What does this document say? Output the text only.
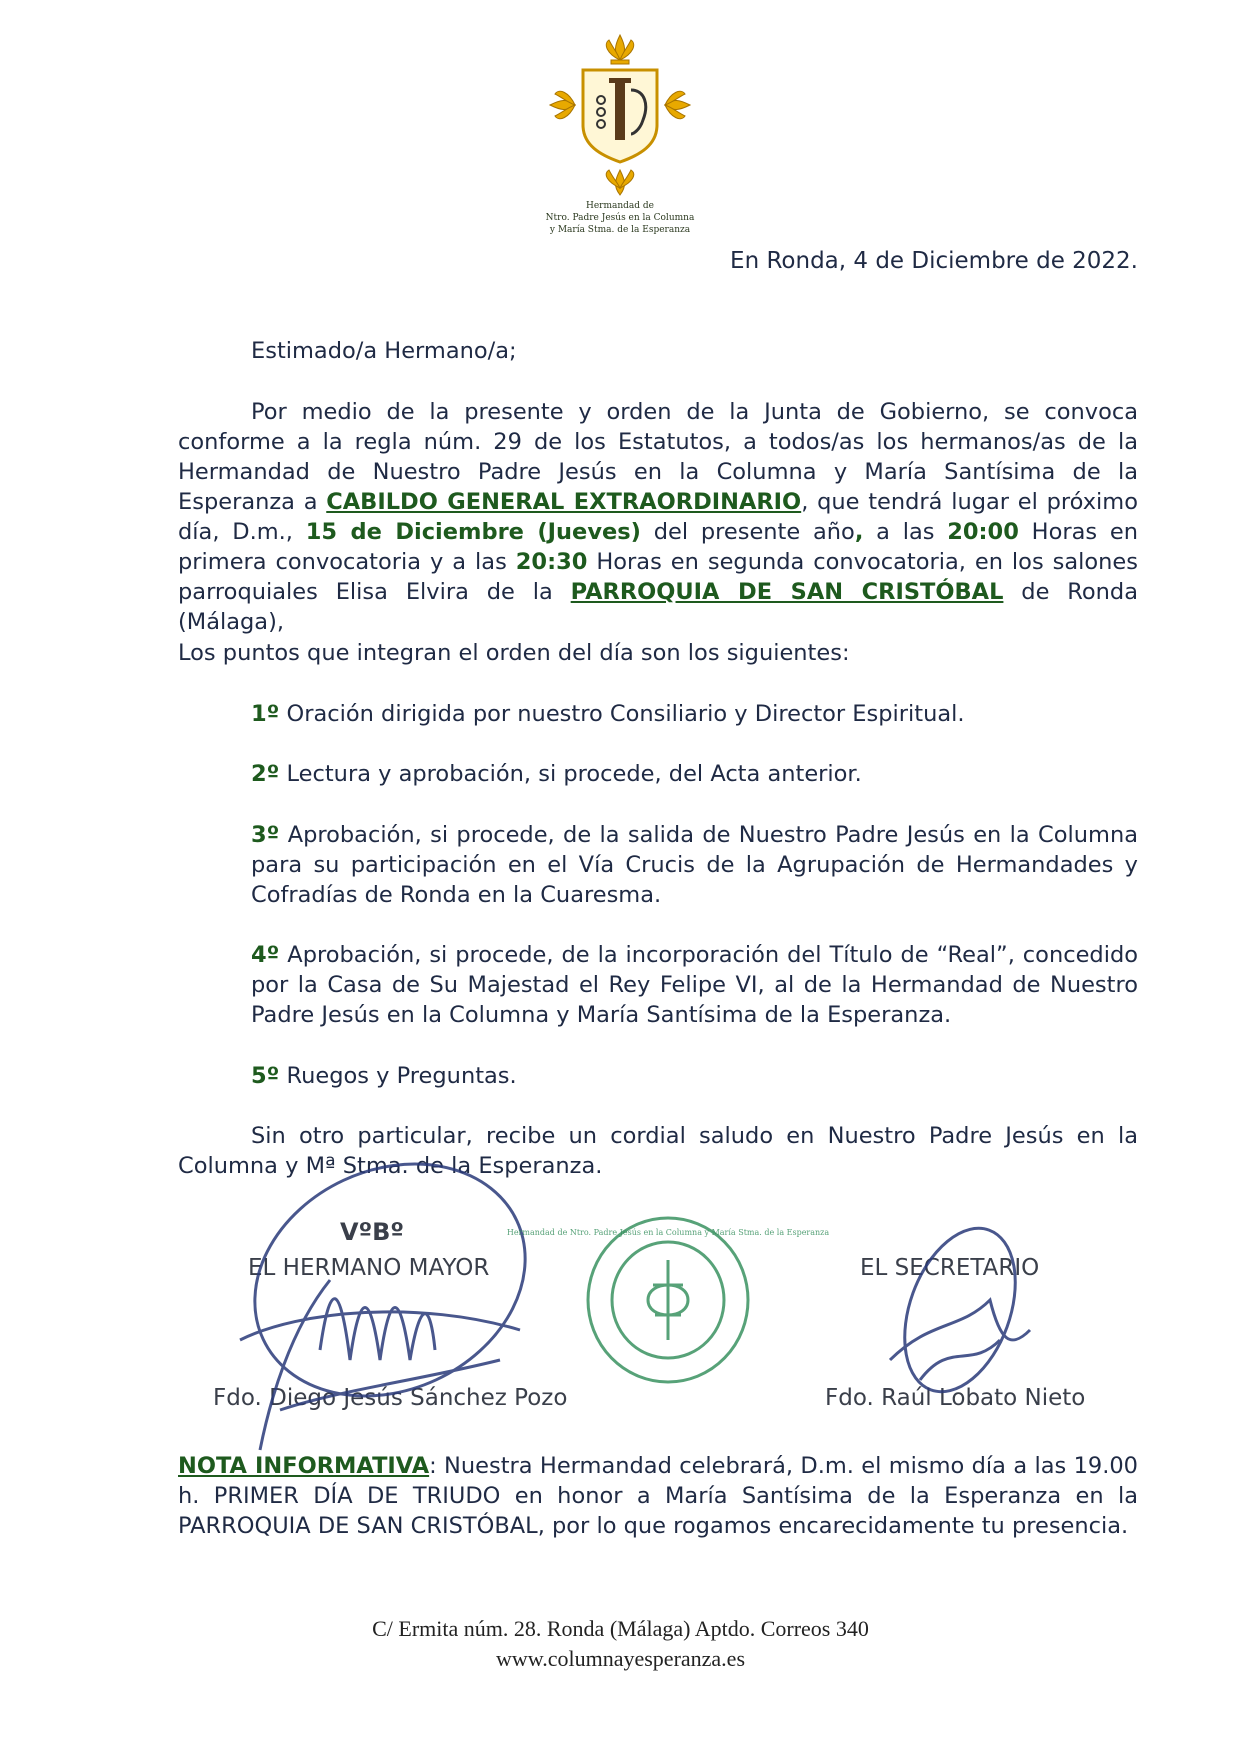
Hermandad de
Ntro. Padre Jesús en la Columna
y María Stma. de la Esperanza
En Ronda, 4 de Diciembre de 2022.
Estimado/a Hermano/a;
Por medio de la presente y orden de la Junta de Gobierno, se convoca conforme a la regla núm. 29 de los Estatutos, a todos/as los hermanos/as de la Hermandad de Nuestro Padre Jesús en la Columna y María Santísima de la Esperanza a CABILDO GENERAL EXTRAORDINARIO, que tendrá lugar el próximo día, D.m., 15 de Diciembre (Jueves) del presente año, a las 20:00 Horas en primera convocatoria y a las 20:30 Horas en segunda convocatoria, en los salones parroquiales Elisa Elvira de la PARROQUIA DE SAN CRISTÓBAL de Ronda (Málaga),
Los puntos que integran el orden del día son los siguientes:
1º Oración dirigida por nuestro Consiliario y Director Espiritual.
2º Lectura y aprobación, si procede, del Acta anterior.
3º Aprobación, si procede, de la salida de Nuestro Padre Jesús en la Columna para su participación en el Vía Crucis de la Agrupación de Hermandades y Cofradías de Ronda en la Cuaresma.
4º Aprobación, si procede, de la incorporación del Título de “Real”, concedido por la Casa de Su Majestad el Rey Felipe VI, al de la Hermandad de Nuestro Padre Jesús en la Columna y María Santísima de la Esperanza.
5º Ruegos y Preguntas.
Sin otro particular, recibe un cordial saludo en Nuestro Padre Jesús en la Columna y Mª Stma. de la Esperanza.
VºBº
EL HERMANO MAYOR
Fdo. Diego Jesús Sánchez Pozo
EL SECRETARIO
Fdo. Raúl Lobato Nieto
Hermandad de Ntro. Padre Jesús en la Columna y María Stma. de la Esperanza
NOTA INFORMATIVA: Nuestra Hermandad celebrará, D.m. el mismo día a las 19.00 h. PRIMER DÍA DE TRIUDO en honor a María Santísima de la Esperanza en la PARROQUIA DE SAN CRISTÓBAL, por lo que rogamos encarecidamente tu presencia.
C/ Ermita núm. 28. Ronda (Málaga) Aptdo. Correos 340
www.columnayesperanza.es
